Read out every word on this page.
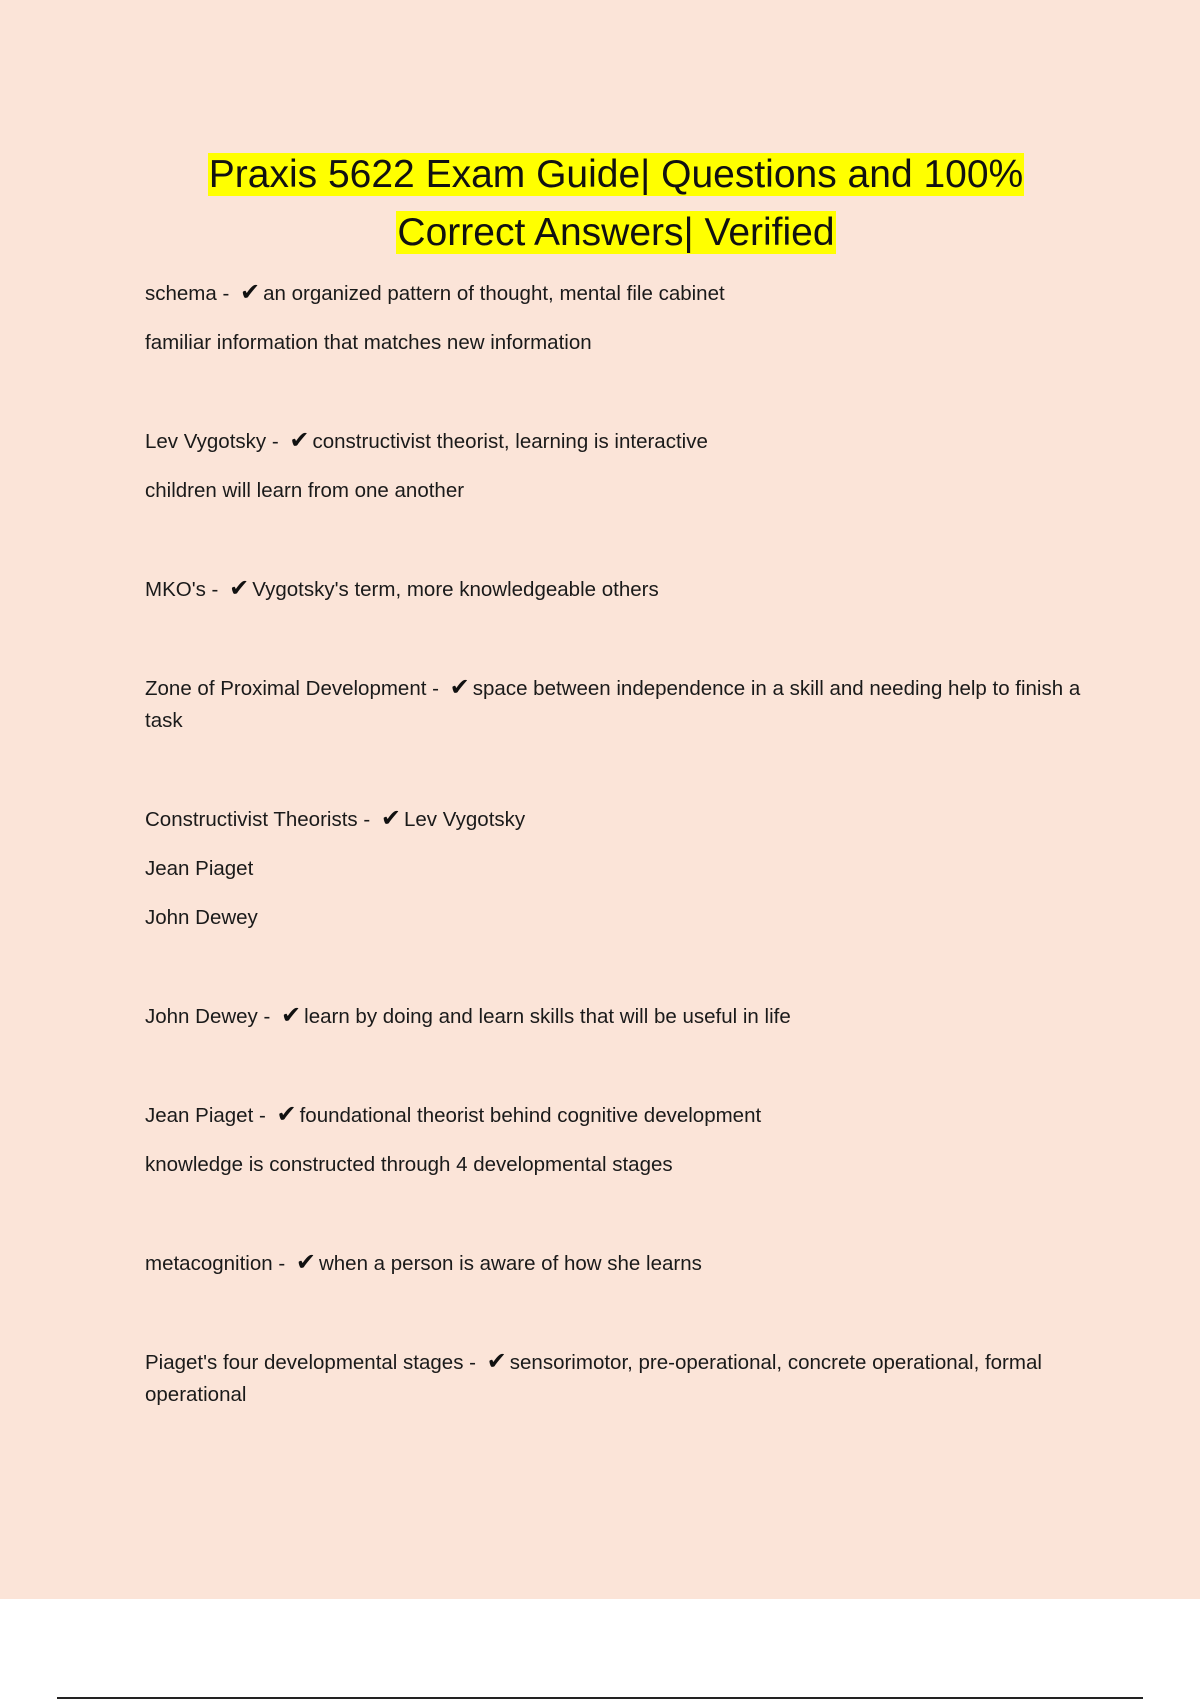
Praxis 5622 Exam Guide| Questions and 100%
Correct Answers| Verified
schema - ✔ an organized pattern of thought, mental file cabinet
familiar information that matches new information
Lev Vygotsky - ✔ constructivist theorist, learning is interactive
children will learn from one another
MKO's - ✔ Vygotsky's term, more knowledgeable others
Zone of Proximal Development - ✔ space between independence in a skill and needing help to finish a task
Constructivist Theorists - ✔ Lev Vygotsky
Jean Piaget
John Dewey
John Dewey - ✔ learn by doing and learn skills that will be useful in life
Jean Piaget - ✔ foundational theorist behind cognitive development
knowledge is constructed through 4 developmental stages
metacognition - ✔ when a person is aware of how she learns
Piaget's four developmental stages - ✔ sensorimotor, pre-operational, concrete operational, formal operational
